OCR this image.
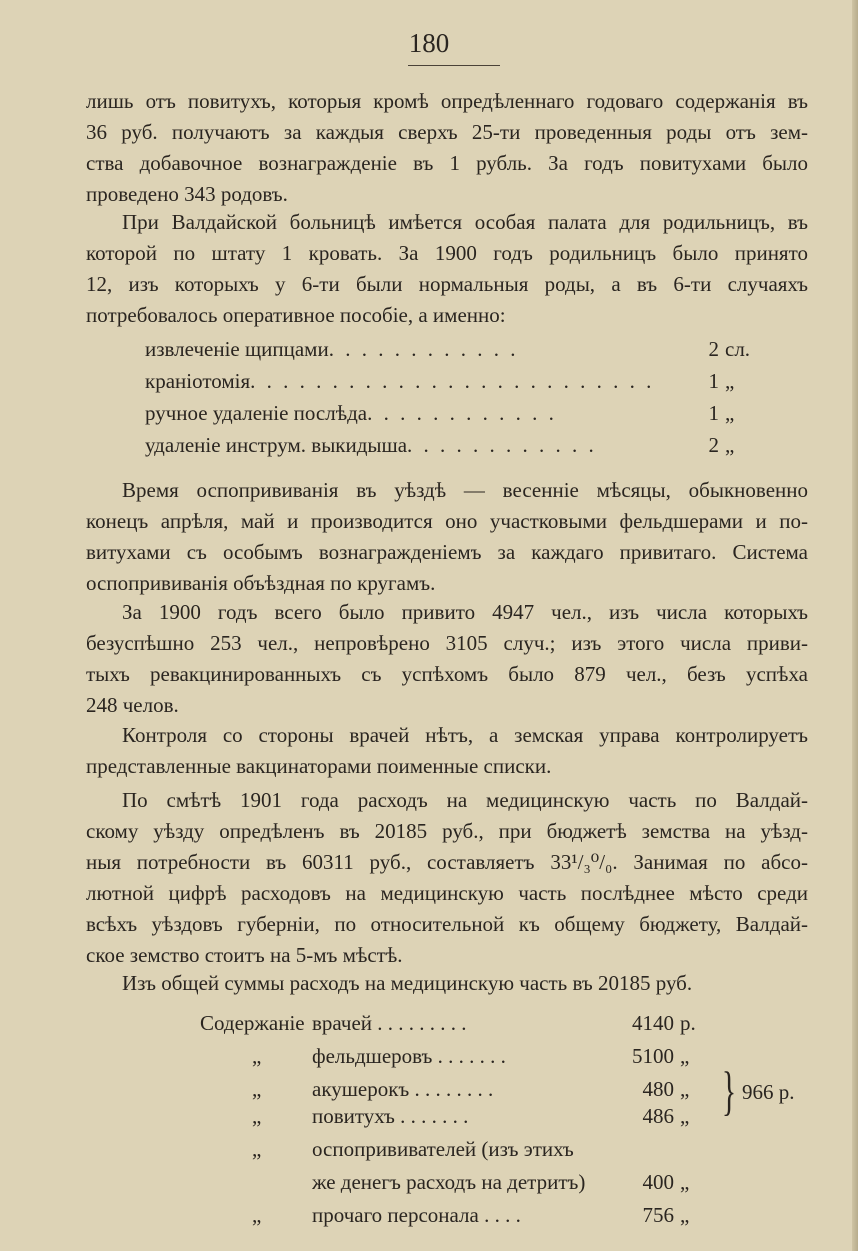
180
лишь отъ повитухъ, которыя кромѣ опредѣленнаго годоваго содержанія въ
36 руб. получаютъ за каждыя сверхъ 25-ти проведенныя роды отъ зем-
ства добавочное вознагражденіе въ 1 рубль. За годъ повитухами было
проведено 343 родовъ.
При Валдайской больницѣ имѣется особая палата для родильницъ, въ
которой по штату 1 кровать. За 1900 годъ родильницъ было принято
12, изъ которыхъ у 6-ти были нормальныя роды, а въ 6-ти случаяхъ
потребовалось оперативное пособіе, а именно:
извлеченіе щипцами . . . . . . . . . . . .	2 сл.
краніотомія . . . . . . . . . . . . . . . . . . . . . . . . .	1 „
ручное удаленіе послѣда . . . . . . . . . . . .	1 „
удаленіе инструм. выкидыша . . . . . . . . . . . .	2 „
Время оспопрививанія въ уѣздѣ — весенніе мѣсяцы, обыкновенно
конецъ апрѣля, май и производится оно участковыми фельдшерами и по-
витухами съ особымъ вознагражденіемъ за каждаго привитаго. Система
оспопрививанія объѣздная по кругамъ.
За 1900 годъ всего было привито 4947 чел., изъ числа которыхъ
безуспѣшно 253 чел., непровѣрено 3105 случ.; изъ этого числа приви-
тыхъ ревакцинированныхъ съ успѣхомъ было 879 чел., безъ успѣха
248 челов.
Контроля со стороны врачей нѣтъ, а земская управа контролируетъ
представленные вакцинаторами поименные списки.
По смѣтѣ 1901 года расходъ на медицинскую часть по Валдай-
скому уѣзду опредѣленъ въ 20185 руб., при бюджетѣ земства на уѣзд-
ныя потребности въ 60311 руб., составляетъ 33¹/₃⁰/₀. Занимая по абсо-
лютной цифрѣ расходовъ на медицинскую часть послѣднее мѣсто среди
всѣхъ уѣздовъ губерніи, по относительной къ общему бюджету, Валдай-
ское земство стоитъ на 5-мъ мѣстѣ.
Изъ общей суммы расходъ на медицинскую часть въ 20185 руб.
Содержаніе врачей . . . . . . . . .	4140 р.
„	фельдшеровъ . . . . . . .	5100 „
„	акушерокъ . . . . . . . .	480 „
„	повитухъ . . . . . . .	486 „
„	оспопрививателей (изъ этихъ
же денегъ расходъ на детритъ)	400 „
„	прочаго персонала . . . .	756 „
} 966 р.
